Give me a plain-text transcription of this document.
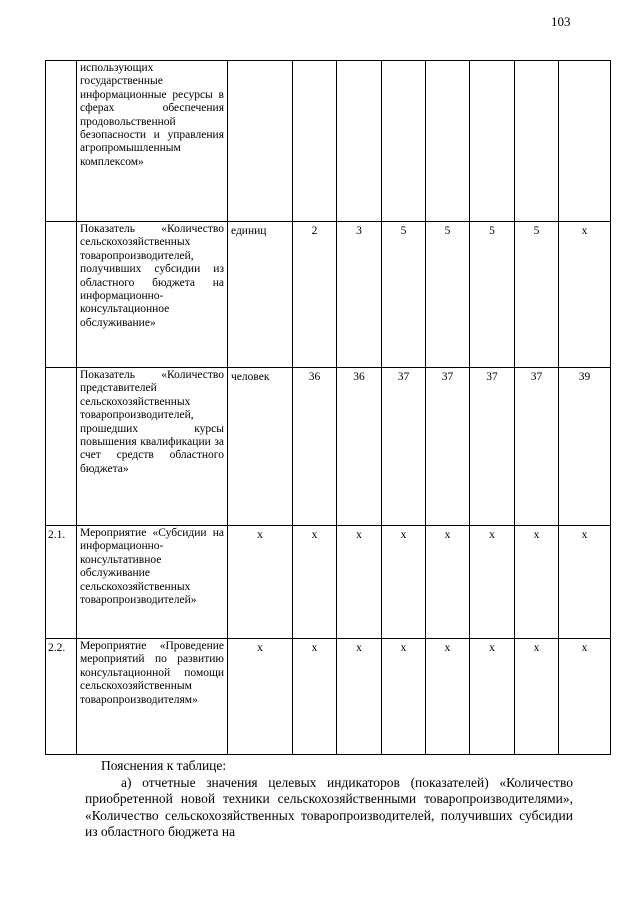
103
	использующих государственные информационные ресурсы в сферах обеспечения продовольственной безопасности и управления агропромышленным комплексом»								
	Показатель «Количество сельскохозяйственных товаропроизводителей, получивших субсидии из областного бюджета на информационно-консультационное обслуживание»	единиц	2	3	5	5	5	5	х
	Показатель «Количество представителей сельскохозяйственных товаропроизводителей, прошедших курсы повышения квалификации за счет средств областного бюджета»	человек	36	36	37	37	37	37	39
2.1.	Мероприятие «Субсидии на информационно-консультативное обслуживание сельскохозяйственных товаропроизводителей»	х	х	х	х	х	х	х	х
2.2.	Мероприятие «Проведение мероприятий по развитию консультационной помощи сельскохозяйственным товаропроизводителям»	х	х	х	х	х	х	х	х

Пояснения к таблице:

а) отчетные значения целевых индикаторов (показателей) «Количество приобретенной новой техники сельскохозяйственными товаропроизводителями», «Количество сельскохозяйственных товаропроизводителей, получивших субсидии из областного бюджета на
